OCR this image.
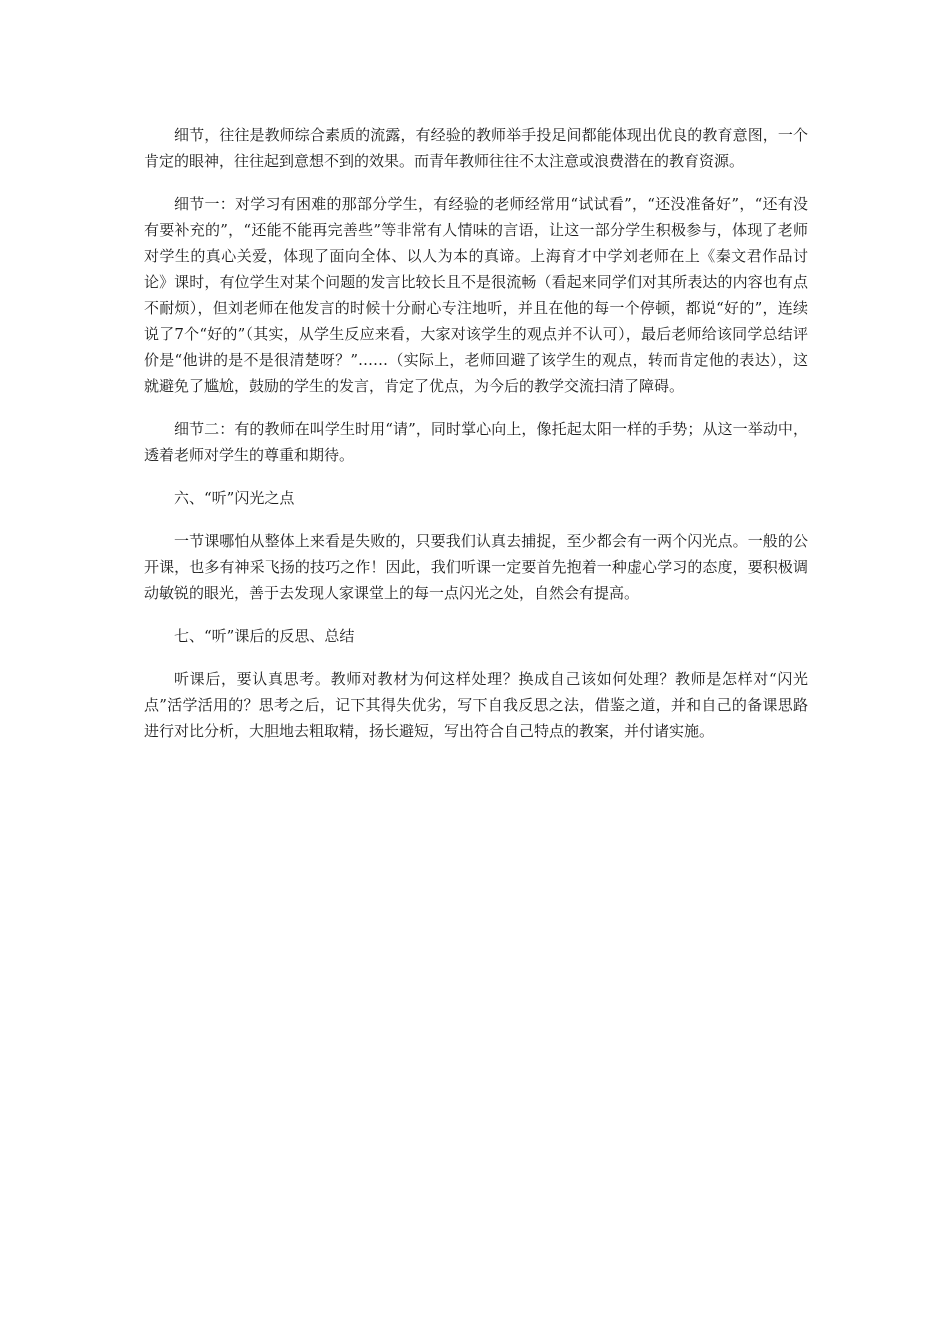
细节，往往是教师综合素质的流露，有经验的教师举手投足间都能体现出优良的教育意图，一个肯定的眼神，往往起到意想不到的效果。而青年教师往往不太注意或浪费潜在的教育资源。

细节一：对学习有困难的那部分学生，有经验的老师经常用“试试看”，“还没准备好”，“还有没有要补充的”，“还能不能再完善些”等非常有人情味的言语，让这一部分学生积极参与，体现了老师对学生的真心关爱，体现了面向全体、以人为本的真谛。上海育才中学刘老师在上《秦文君作品讨论》课时，有位学生对某个问题的发言比较长且不是很流畅（看起来同学们对其所表达的内容也有点不耐烦），但刘老师在他发言的时候十分耐心专注地听，并且在他的每一个停顿，都说“好的”，连续说了7个“好的”（其实，从学生反应来看，大家对该学生的观点并不认可），最后老师给该同学总结评价是“他讲的是不是很清楚呀？”……（实际上，老师回避了该学生的观点，转而肯定他的表达），这就避免了尴尬，鼓励的学生的发言，肯定了优点，为今后的教学交流扫清了障碍。

细节二：有的教师在叫学生时用“请”，同时掌心向上，像托起太阳一样的手势；从这一举动中，透着老师对学生的尊重和期待。

六、“听”闪光之点

一节课哪怕从整体上来看是失败的，只要我们认真去捕捉，至少都会有一两个闪光点。一般的公开课，也多有神采飞扬的技巧之作！因此，我们听课一定要首先抱着一种虚心学习的态度，要积极调动敏锐的眼光，善于去发现人家课堂上的每一点闪光之处，自然会有提高。

七、“听”课后的反思、总结

听课后，要认真思考。教师对教材为何这样处理？换成自己该如何处理？教师是怎样对“闪光点”活学活用的？思考之后，记下其得失优劣，写下自我反思之法，借鉴之道，并和自己的备课思路进行对比分析，大胆地去粗取精，扬长避短，写出符合自己特点的教案，并付诸实施。
